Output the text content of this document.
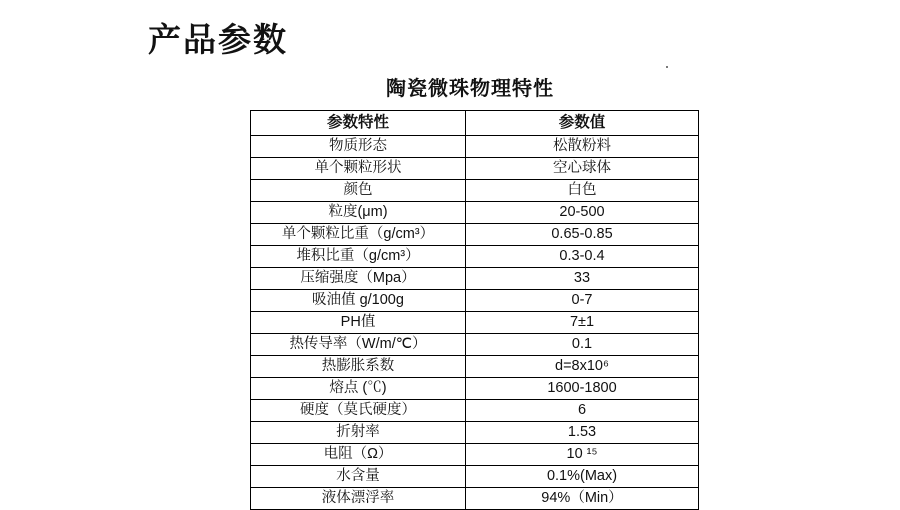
产品参数
陶瓷微珠物理特性
参数特性	参数值
物质形态	松散粉料
单个颗粒形状	空心球体
颜色	白色
粒度(μm)	20-500
单个颗粒比重（g/cm³）	0.65-0.85
堆积比重（g/cm³）	0.3-0.4
压缩强度（Mpa）	33
吸油值 g/100g	0-7
PH值	7±1
热传导率（W/m/℃）	0.1
热膨胀系数	d=8x10⁶
熔点 (℃)	1600-1800
硬度（莫氏硬度）	6
折射率	1.53
电阻（Ω）	10 ¹⁵
水含量	0.1%(Max)
液体漂浮率	94%（Min）
